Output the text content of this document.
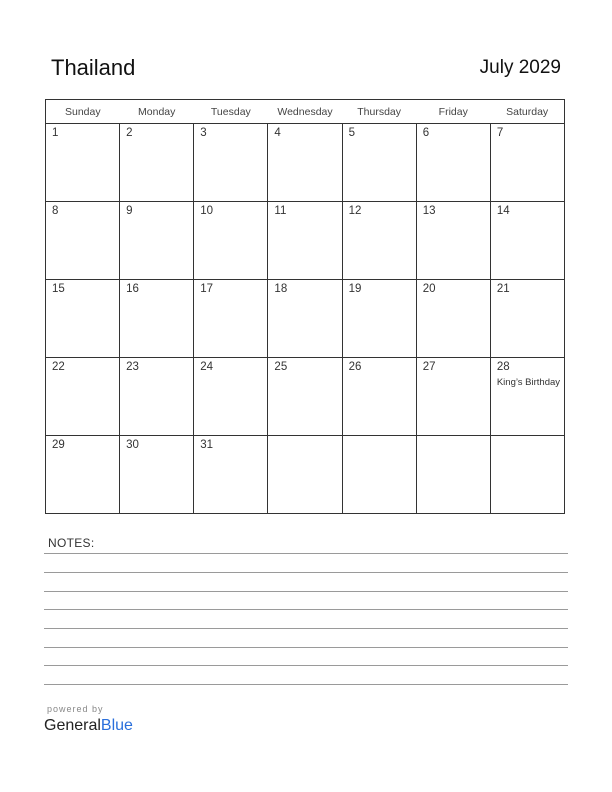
Thailand	July 2029
Sunday	Monday	Tuesday	Wednesday	Thursday	Friday	Saturday

1	2	3	4	5	6	7

8	9	10	11	12	13	14

15	16	17	18	19	20	21

22	23	24	25	26	27	28
King’s Birthday

29	30	31				

NOTES:
powered by
GeneralBlue
